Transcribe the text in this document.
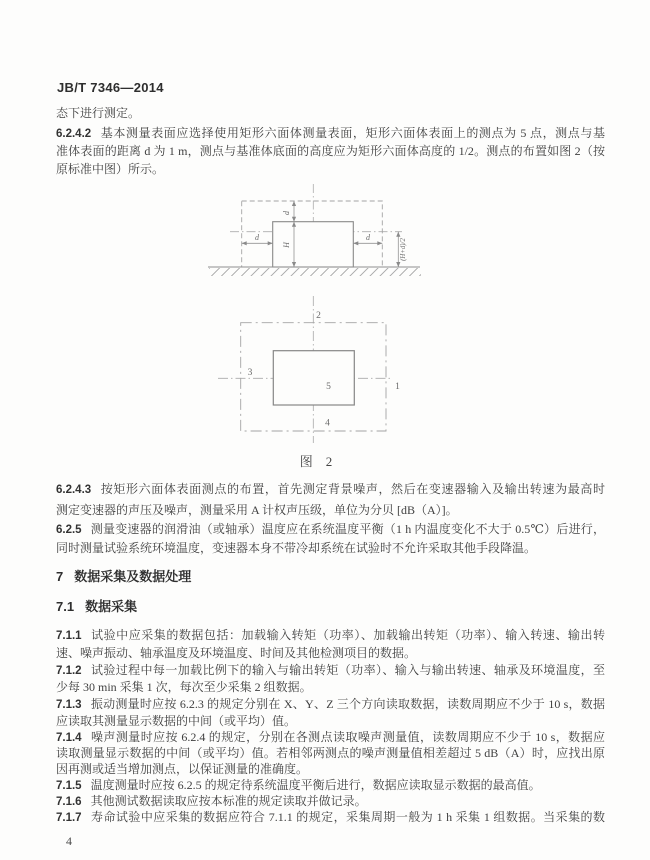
JB/T 7346—2014
态下进行测定。
6.2.4.2 基本测量表面应选择使用矩形六面体测量表面，矩形六面体表面上的测点为 5 点，测点与基
准体表面的距离 d 为 1 m，测点与基准体底面的高度应为矩形六面体高度的 1/2。测点的布置如图 2（按
原标准中图）所示。
d
H
d	d
(H+d)/2
2
3
5	1
4
图　2
6.2.4.3 按矩形六面体表面测点的布置，首先测定背景噪声，然后在变速器输入及输出转速为最高时
测定变速器的声压及噪声，测量采用 A 计权声压级，单位为分贝 [dB（A）]。
6.2.5 测量变速器的润滑油（或轴承）温度应在系统温度平衡（1 h 内温度变化不大于 0.5℃）后进行，
同时测量试验系统环境温度，变速器本身不带冷却系统在试验时不允许采取其他手段降温。
7 数据采集及数据处理
7.1 数据采集
7.1.1 试验中应采集的数据包括：加载输入转矩（功率）、加载输出转矩（功率）、输入转速、输出转
速、噪声振动、轴承温度及环境温度、时间及其他检测项目的数据。
7.1.2 试验过程中每一加载比例下的输入与输出转矩（功率）、输入与输出转速、轴承及环境温度，至
少每 30 min 采集 1 次，每次至少采集 2 组数据。
7.1.3 振动测量时应按 6.2.3 的规定分别在 X、Y、Z 三个方向读取数据，读数周期应不少于 10 s，数据
应读取其测量显示数据的中间（或平均）值。
7.1.4 噪声测量时应按 6.2.4 的规定，分别在各测点读取噪声测量值，读数周期应不少于 10 s，数据应
读取测量显示数据的中间（或平均）值。若相邻两测点的噪声测量值相差超过 5 dB（A）时，应找出原
因再测或适当增加测点，以保证测量的准确度。
7.1.5 温度测量时应按 6.2.5 的规定待系统温度平衡后进行，数据应读取显示数据的最高值。
7.1.6 其他测试数据读取应按本标准的规定读取并做记录。
7.1.7 寿命试验中应采集的数据应符合 7.1.1 的规定，采集周期一般为 1 h 采集 1 组数据。当采集的数
4
